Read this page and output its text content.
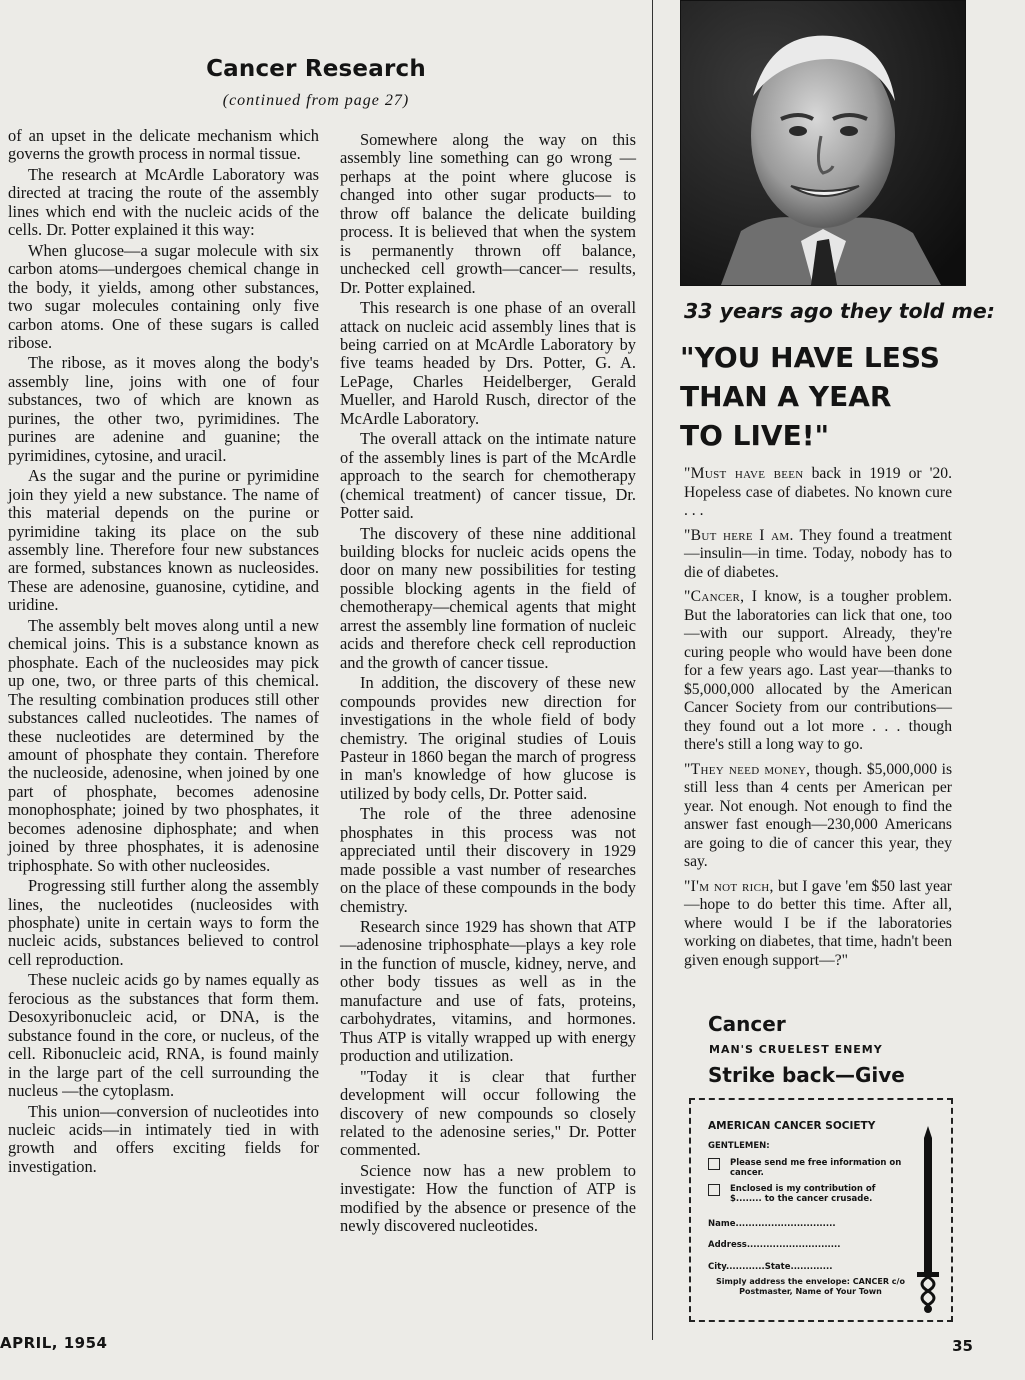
Cancer Research
(continued from page 27)

of an upset in the delicate mechanism which governs the growth process in normal tissue.

The research at McArdle Laboratory was directed at tracing the route of the assembly lines which end with the nucleic acids of the cells. Dr. Potter explained it this way:

When glucose—a sugar molecule with six carbon atoms—undergoes chemical change in the body, it yields, among other substances, two sugar molecules containing only five carbon atoms. One of these sugars is called ribose.

The ribose, as it moves along the body's assembly line, joins with one of four substances, two of which are known as purines, the other two, pyrimidines. The purines are adenine and guanine; the pyrimidines, cytosine, and uracil.

As the sugar and the purine or pyrimidine join they yield a new substance. The name of this material depends on the purine or pyrimidine taking its place on the sub assembly line. Therefore four new substances are formed, substances known as nucleosides. These are adenosine, guanosine, cytidine, and uridine.

The assembly belt moves along until a new chemical joins. This is a substance known as phosphate. Each of the nucleosides may pick up one, two, or three parts of this chemical. The resulting combination produces still other substances called nucleotides. The names of these nucleotides are determined by the amount of phosphate they contain. Therefore the nucleoside, adenosine, when joined by one part of phosphate, becomes adenosine monophosphate; joined by two phosphates, it becomes adenosine diphosphate; and when joined by three phosphates, it is adenosine triphosphate. So with other nucleosides.

Progressing still further along the assembly lines, the nucleotides (nucleosides with phosphate) unite in certain ways to form the nucleic acids, substances believed to control cell reproduction.

These nucleic acids go by names equally as ferocious as the substances that form them. Desoxyribonucleic acid, or DNA, is the substance found in the core, or nucleus, of the cell. Ribonucleic acid, RNA, is found mainly in the large part of the cell surrounding the nucleus —the cytoplasm.

This union—conversion of nucleotides into nucleic acids—in intimately tied in with growth and offers exciting fields for investigation.

Somewhere along the way on this assembly line something can go wrong —perhaps at the point where glucose is changed into other sugar products— to throw off balance the delicate building process. It is believed that when the system is permanently thrown off balance, unchecked cell growth—cancer— results, Dr. Potter explained.

This research is one phase of an overall attack on nucleic acid assembly lines that is being carried on at McArdle Laboratory by five teams headed by Drs. Potter, G. A. LePage, Charles Heidelberger, Gerald Mueller, and Harold Rusch, director of the McArdle Laboratory.

The overall attack on the intimate nature of the assembly lines is part of the McArdle approach to the search for chemotherapy (chemical treatment) of cancer tissue, Dr. Potter said.

The discovery of these nine additional building blocks for nucleic acids opens the door on many new possibilities for testing possible blocking agents in the field of chemotherapy—chemical agents that might arrest the assembly line formation of nucleic acids and therefore check cell reproduction and the growth of cancer tissue.

In addition, the discovery of these new compounds provides new direction for investigations in the whole field of body chemistry. The original studies of Louis Pasteur in 1860 began the march of progress in man's knowledge of how glucose is utilized by body cells, Dr. Potter said.

The role of the three adenosine phosphates in this process was not appreciated until their discovery in 1929 made possible a vast number of researches on the place of these compounds in the body chemistry.

Research since 1929 has shown that ATP—adenosine triphosphate—plays a key role in the function of muscle, kidney, nerve, and other body tissues as well as in the manufacture and use of fats, proteins, carbohydrates, vitamins, and hormones. Thus ATP is vitally wrapped up with energy production and utilization.

"Today it is clear that further development will occur following the discovery of new compounds so closely related to the adenosine series," Dr. Potter commented.

Science now has a new problem to investigate: How the function of ATP is modified by the absence or presence of the newly discovered nucleotides.

33 years ago they told me:
"YOU HAVE LESS
THAN A YEAR
TO LIVE!"

"Must have been back in 1919 or '20. Hopeless case of diabetes. No known cure . . .

"But here I am. They found a treatment—insulin—in time. Today, nobody has to die of diabetes.

"Cancer, I know, is a tougher problem. But the laboratories can lick that one, too—with our support. Already, they're curing people who would have been done for a few years ago. Last year—thanks to $5,000,000 allocated by the American Cancer Society from our contributions—they found out a lot more . . . though there's still a long way to go.

"They need money, though. $5,000,000 is still less than 4 cents per American per year. Not enough. Not enough to find the answer fast enough—230,000 Americans are going to die of cancer this year, they say.

"I'm not rich, but I gave 'em $50 last year—hope to do better this time. After all, where would I be if the laboratories working on diabetes, that time, hadn't been given enough support—?"

Cancer
MAN'S CRUELEST ENEMY
Strike back—Give
AMERICAN CANCER SOCIETY
GENTLEMEN:
Please send me free information on cancer.
Enclosed is my contribution of $........ to the cancer crusade.
Name...............................
Address.............................
City............State.............
Simply address the envelope: CANCER c/o Postmaster, Name of Your Town
APRIL, 1954	35
